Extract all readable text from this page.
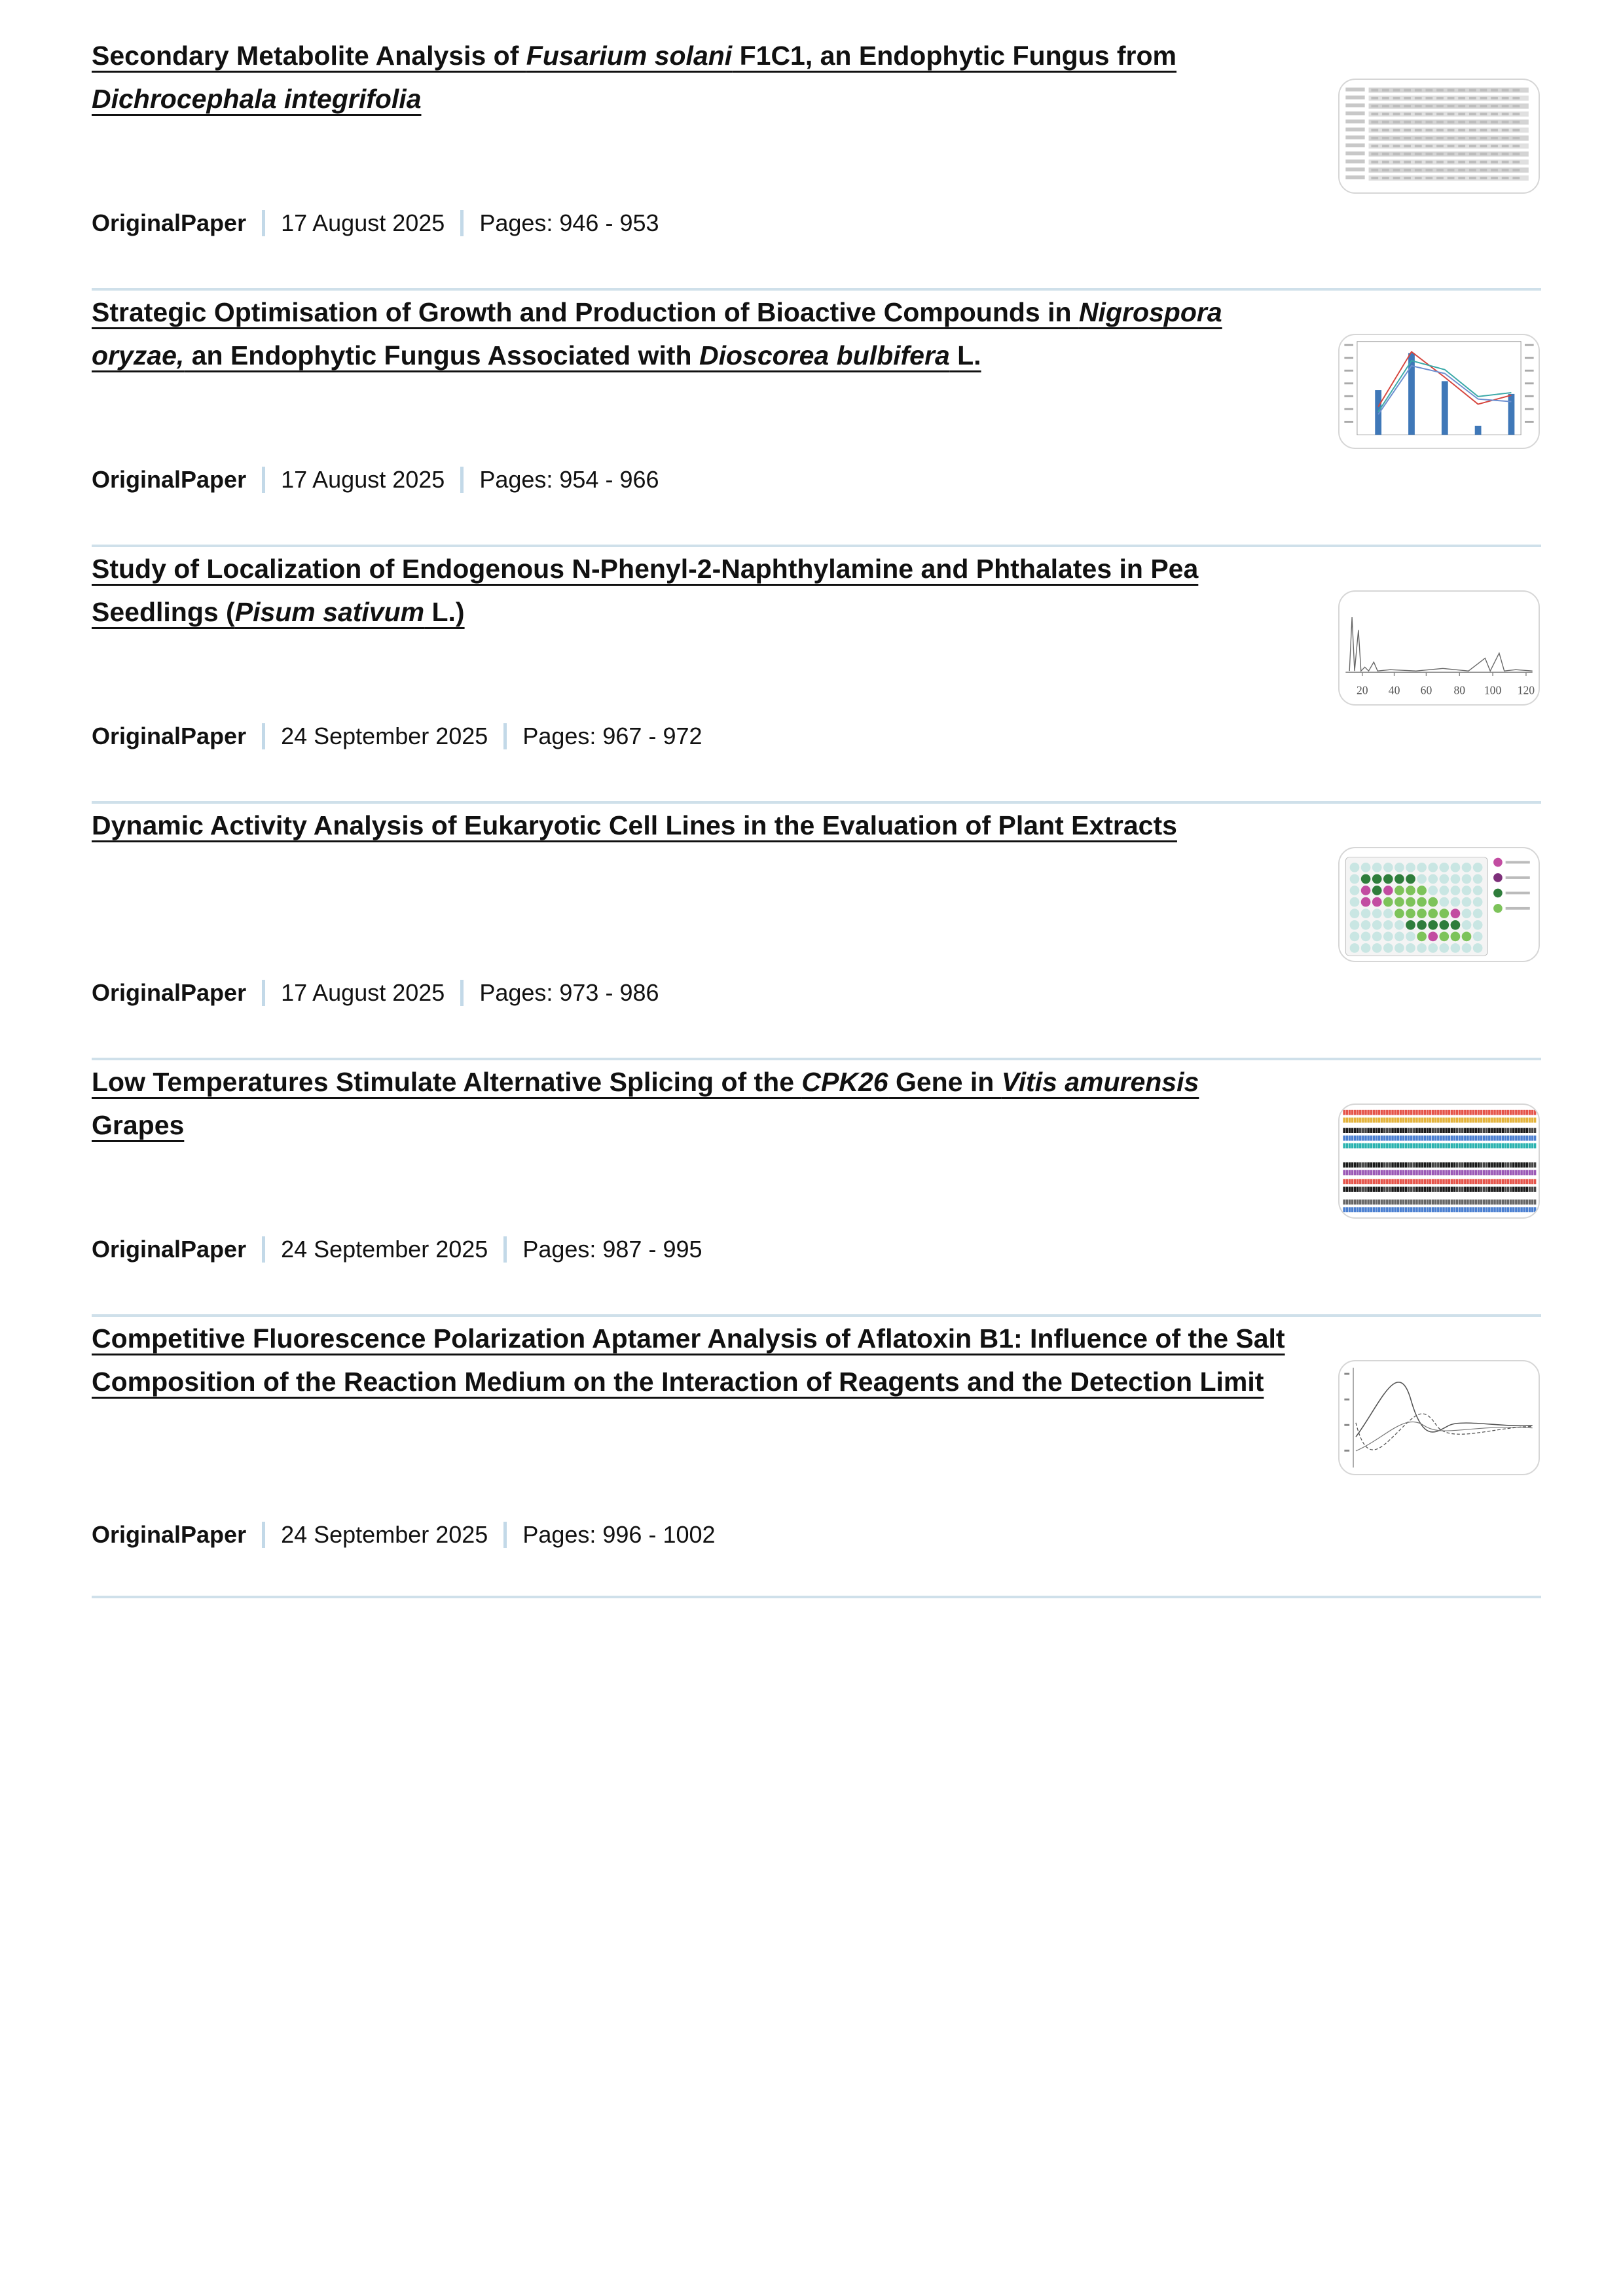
Secondary Metabolite Analysis of Fusarium solani F1C1, an Endophytic Fungus from Dichrocephala integrifolia
OriginalPaper 17 August 2025 Pages: 946 - 953
Strategic Optimisation of Growth and Production of Bioactive Compounds in Nigrospora oryzae, an Endophytic Fungus Associated with Dioscorea bulbifera L.
OriginalPaper 17 August 2025 Pages: 954 - 966
Study of Localization of Endogenous N-Phenyl-2-Naphthylamine and Phthalates in Pea Seedlings (Pisum sativum L.)
OriginalPaper 24 September 2025 Pages: 967 - 972
20 40 60 80 100 120
Dynamic Activity Analysis of Eukaryotic Cell Lines in the Evaluation of Plant Extracts
OriginalPaper 17 August 2025 Pages: 973 - 986
Low Temperatures Stimulate Alternative Splicing of the CPK26 Gene in Vitis amurensis Grapes
OriginalPaper 24 September 2025 Pages: 987 - 995
Competitive Fluorescence Polarization Aptamer Analysis of Aflatoxin B1: Influence of the Salt Composition of the Reaction Medium on the Interaction of Reagents and the Detection Limit
OriginalPaper 24 September 2025 Pages: 996 - 1002
